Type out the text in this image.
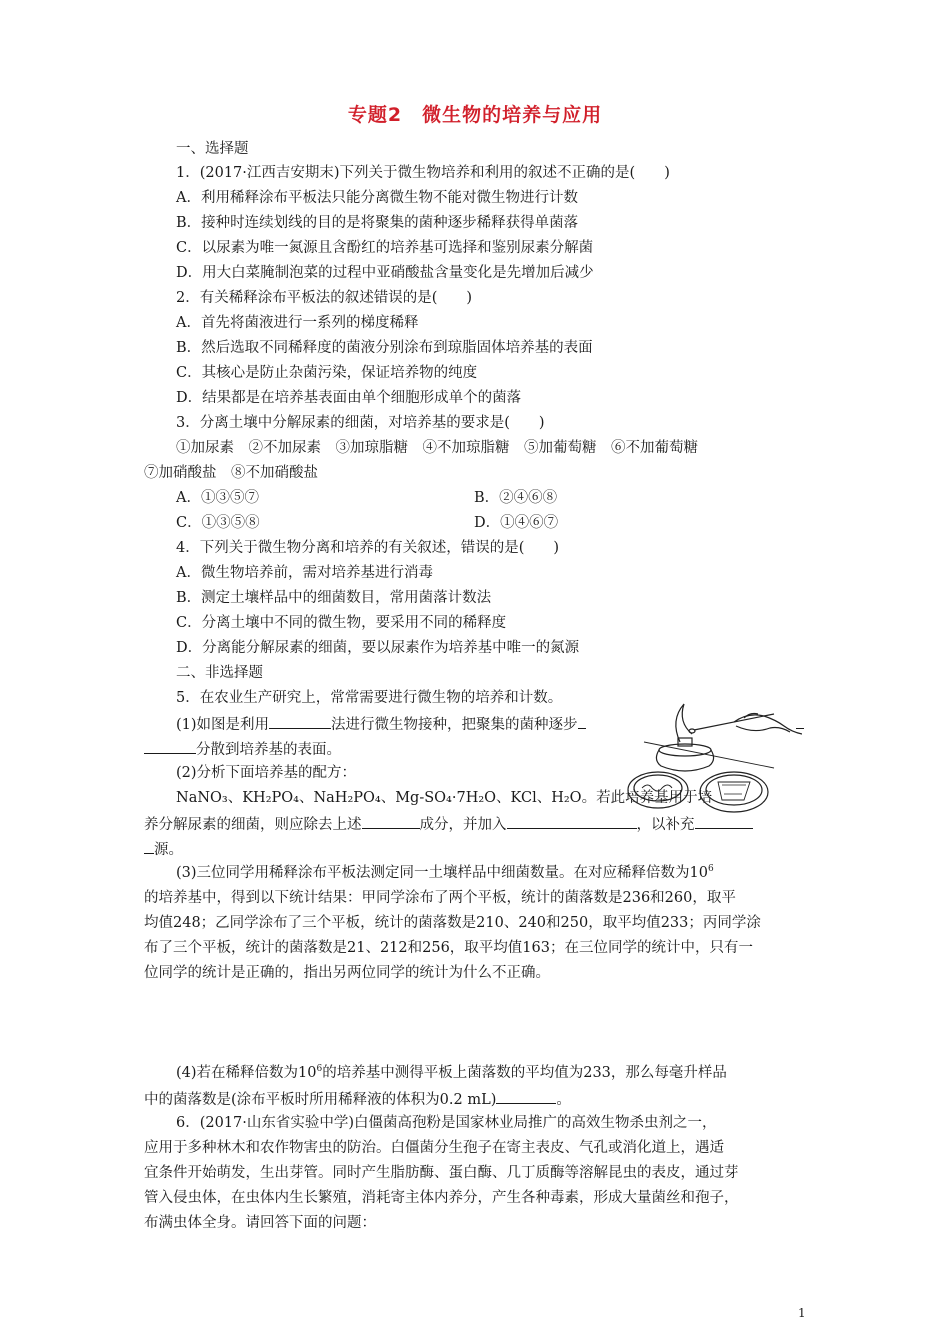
专题2　微生物的培养与应用
一、选择题
1．(2017·江西吉安期末)下列关于微生物培养和利用的叙述不正确的是(　　)
A．利用稀释涂布平板法只能分离微生物不能对微生物进行计数
B．接种时连续划线的目的是将聚集的菌种逐步稀释获得单菌落
C．以尿素为唯一氮源且含酚红的培养基可选择和鉴别尿素分解菌
D．用大白菜腌制泡菜的过程中亚硝酸盐含量变化是先增加后减少
2．有关稀释涂布平板法的叙述错误的是(　　)
A．首先将菌液进行一系列的梯度稀释
B．然后选取不同稀释度的菌液分别涂布到琼脂固体培养基的表面
C．其核心是防止杂菌污染，保证培养物的纯度
D．结果都是在培养基表面由单个细胞形成单个的菌落
3．分离土壤中分解尿素的细菌，对培养基的要求是(　　)
①加尿素　②不加尿素　③加琼脂糖　④不加琼脂糖　⑤加葡萄糖　⑥不加葡萄糖
⑦加硝酸盐　⑧不加硝酸盐
A．①③⑤⑦	B．②④⑥⑧
C．①③⑤⑧	D．①④⑥⑦
4．下列关于微生物分离和培养的有关叙述，错误的是(　　)
A．微生物培养前，需对培养基进行消毒
B．测定土壤样品中的细菌数目，常用菌落计数法
C．分离土壤中不同的微生物，要采用不同的稀释度
D．分离能分解尿素的细菌，要以尿素作为培养基中唯一的氮源
二、非选择题
5．在农业生产研究上，常常需要进行微生物的培养和计数。
(1)如图是利用	法进行微生物接种，把聚集的菌种逐步
分散到培养基的表面。
(2)分析下面培养基的配方：
NaNO₃、KH₂PO₄、NaH₂PO₄、Mg-SO₄·7H₂O、KCl、H₂O。若此培养基用于培
养分解尿素的细菌，则应除去上述	成分，并加入	，以补充
源。
(3)三位同学用稀释涂布平板法测定同一土壤样品中细菌数量。在对应稀释倍数为$10^6$
的培养基中，得到以下统计结果：甲同学涂布了两个平板，统计的菌落数是236和260，取平
均值248；乙同学涂布了三个平板，统计的菌落数是210、240和250，取平均值233；丙同学涂
布了三个平板，统计的菌落数是21、212和256，取平均值163；在三位同学的统计中，只有一
位同学的统计是正确的，指出另两位同学的统计为什么不正确。
(4)若在稀释倍数为$10^6$的培养基中测得平板上菌落数的平均值为233，那么每毫升样品
中的菌落数是(涂布平板时所用稀释液的体积为0.2 mL)	。
6．(2017·山东省实验中学)白僵菌高孢粉是国家林业局推广的高效生物杀虫剂之一，
应用于多种林木和农作物害虫的防治。白僵菌分生孢子在寄主表皮、气孔或消化道上，遇适
宜条件开始萌发，生出芽管。同时产生脂肪酶、蛋白酶、几丁质酶等溶解昆虫的表皮，通过芽
管入侵虫体，在虫体内生长繁殖，消耗寄主体内养分，产生各种毒素，形成大量菌丝和孢子，
布满虫体全身。请回答下面的问题：
1
